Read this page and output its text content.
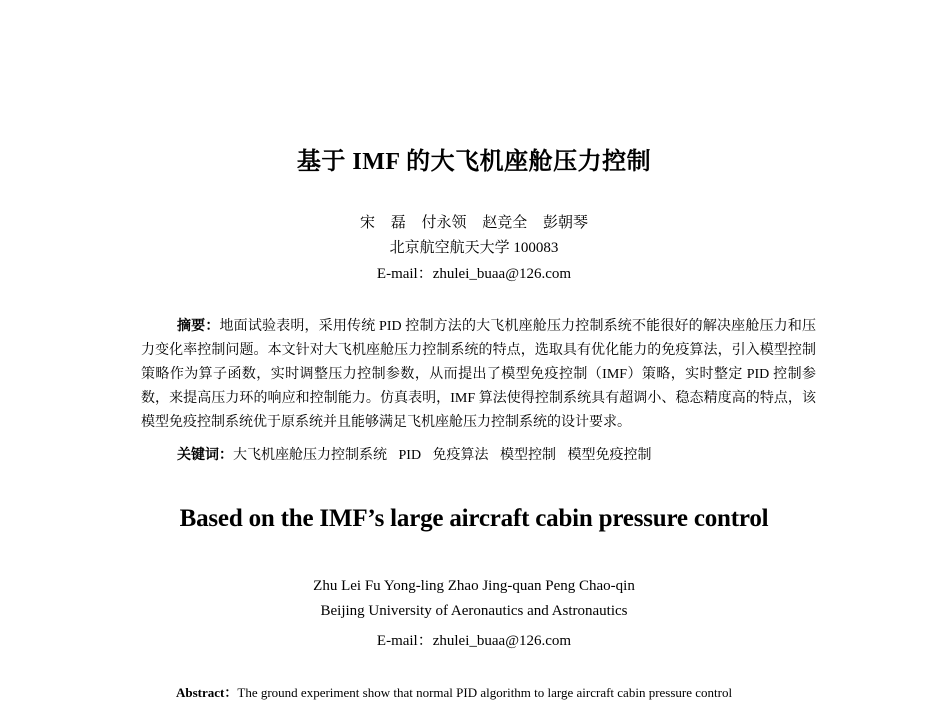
基于 IMF 的大飞机座舱压力控制
宋 磊 付永领 赵竞全 彭朝琴
北京航空航天大学 100083
E-mail：zhulei_buaa@126.com
摘要：地面试验表明，采用传统 PID 控制方法的大飞机座舱压力控制系统不能很好的解决座舱压力和压力变化率控制问题。本文针对大飞机座舱压力控制系统的特点，选取具有优化能力的免疫算法，引入模型控制策略作为算子函数，实时调整压力控制参数，从而提出了模型免疫控制（IMF）策略，实时整定 PID 控制参数，来提高压力环的响应和控制能力。仿真表明，IMF 算法使得控制系统具有超调小、稳态精度高的特点，该模型免疫控制系统优于原系统并且能够满足飞机座舱压力控制系统的设计要求。
关键词：大飞机座舱压力控制系统 PID 免疫算法 模型控制 模型免疫控制
Based on the IMF’s large aircraft cabin pressure control
Zhu Lei Fu Yong-ling Zhao Jing-quan Peng Chao-qin
Beijing University of Aeronautics and Astronautics
E-mail：zhulei_buaa@126.com
Abstract：The ground experiment show that normal PID algorithm to large aircraft cabin pressure control
